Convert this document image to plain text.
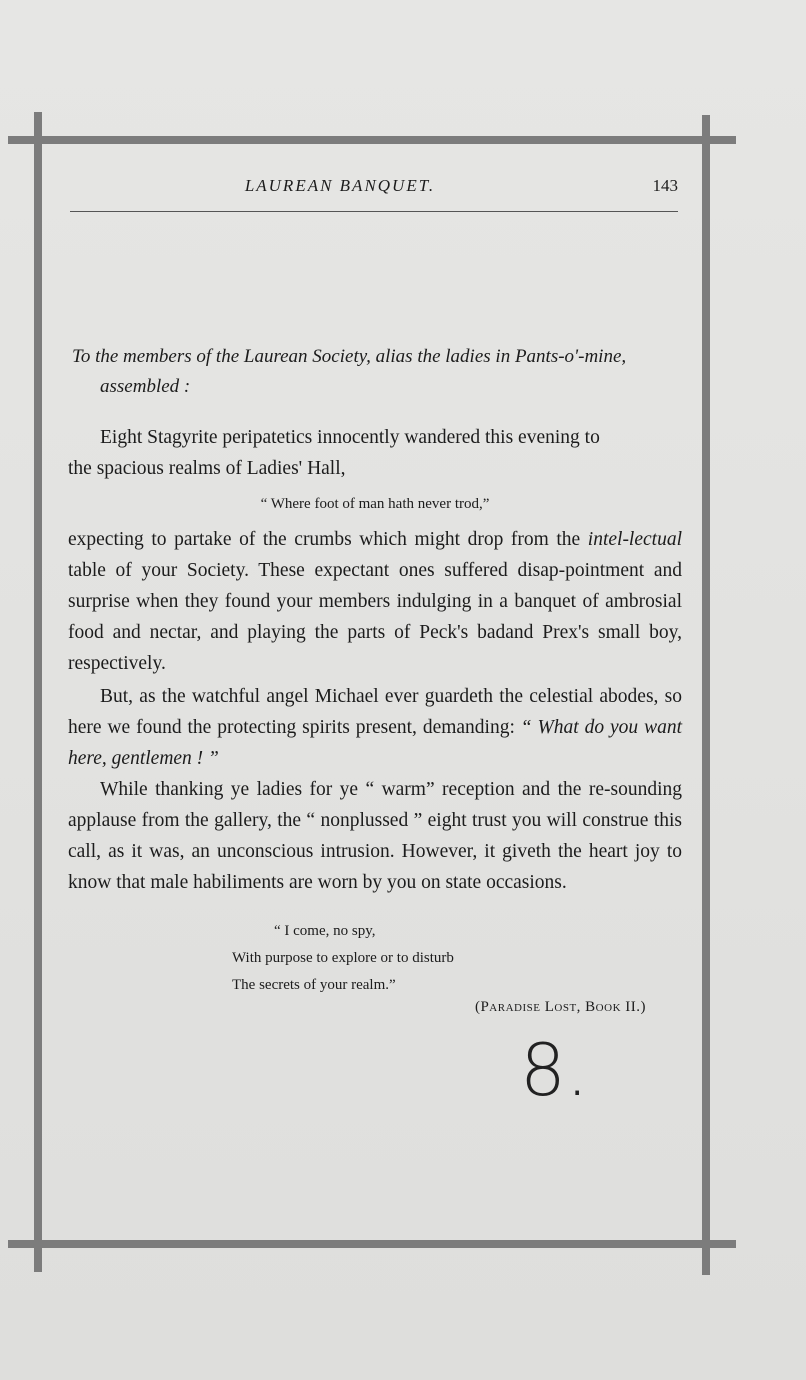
LAUREAN BANQUET.	143
To the members of the Laurean Society, alias the ladies in Pants-o'-mine,
assembled :
Eight Stagyrite peripatetics innocently wandered this evening to
the spacious realms of Ladies' Hall,
“ Where foot of man hath never trod,”
expecting to partake of the crumbs which might drop from the intel-lectual table of your Society. These expectant ones suffered disap-pointment and surprise when they found your members indulging in a banquet of ambrosial food and nectar, and playing the parts of Peck's badand Prex's small boy, respectively.
But, as the watchful angel Michael ever guardeth the celestial abodes, so here we found the protecting spirits present, demanding: “ What do you want here, gentlemen ! ”
While thanking ye ladies for ye “ warm” reception and the re-sounding applause from the gallery, the “ nonplussed ” eight trust you will construe this call, as it was, an unconscious intrusion. However, it giveth the heart joy to know that male habiliments are worn by you on state occasions.
“ I come, no spy,
With purpose to explore or to disturb
The secrets of your realm.”
(Paradise Lost, Book II.)
8.
